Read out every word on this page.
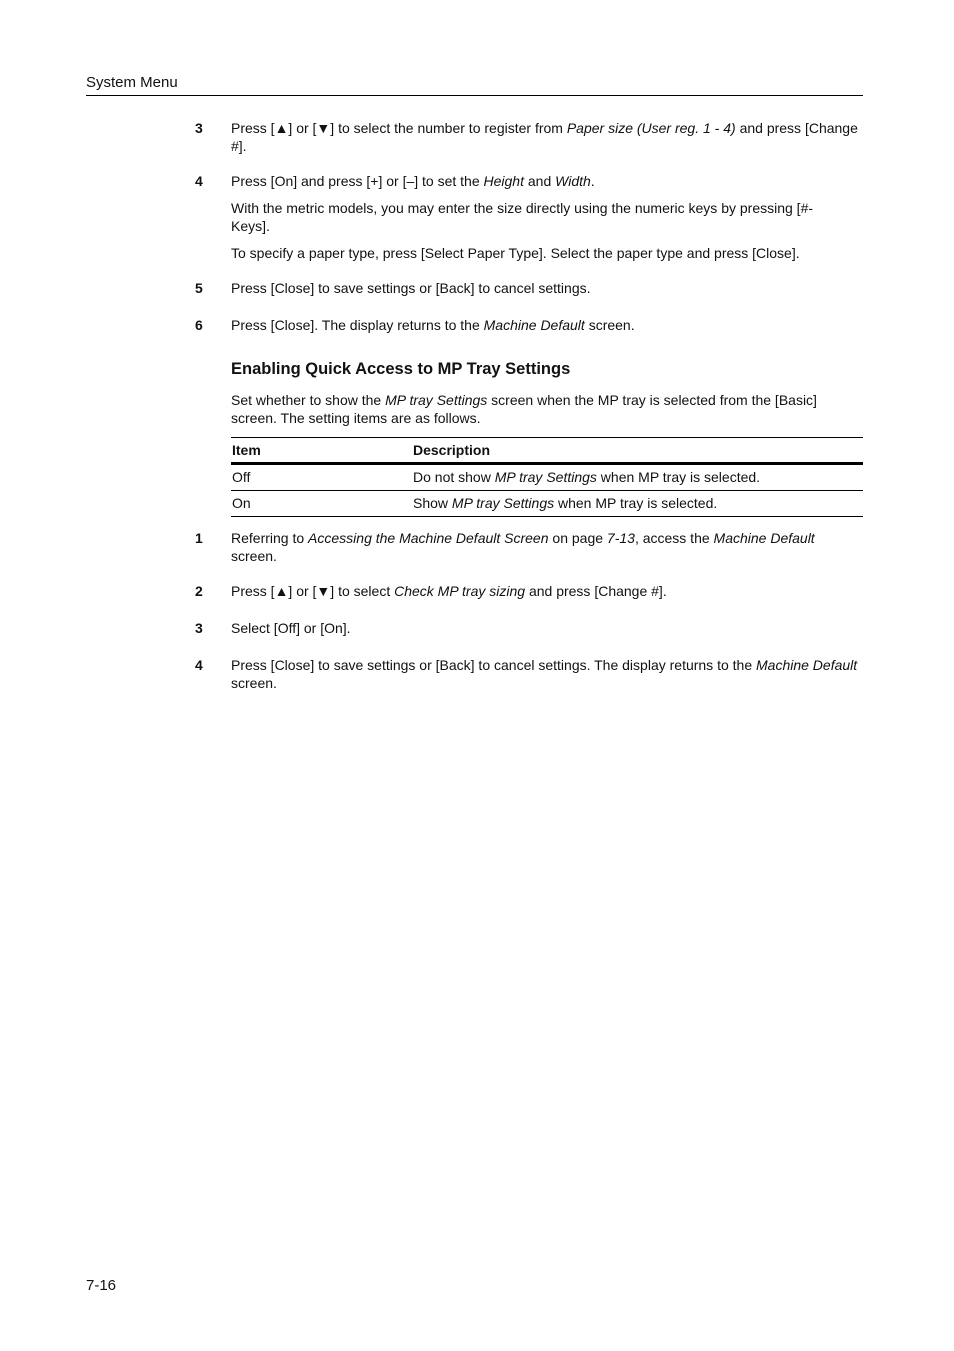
System Menu
3 Press [▲] or [▼] to select the number to register from Paper size (User reg. 1 - 4) and press [Change #].
4 Press [On] and press [+] or [–] to set the Height and Width.
With the metric models, you may enter the size directly using the numeric keys by pressing [#-Keys].
To specify a paper type, press [Select Paper Type]. Select the paper type and press [Close].
5 Press [Close] to save settings or [Back] to cancel settings.
6 Press [Close]. The display returns to the Machine Default screen.
Enabling Quick Access to MP Tray Settings
Set whether to show the MP tray Settings screen when the MP tray is selected from the [Basic] screen. The setting items are as follows.
Item	Description
Off	Do not show MP tray Settings when MP tray is selected.
On	Show MP tray Settings when MP tray is selected.
1 Referring to Accessing the Machine Default Screen on page 7-13, access the Machine Default screen.
2 Press [▲] or [▼] to select Check MP tray sizing and press [Change #].
3 Select [Off] or [On].
4 Press [Close] to save settings or [Back] to cancel settings. The display returns to the Machine Default screen.
7-16
